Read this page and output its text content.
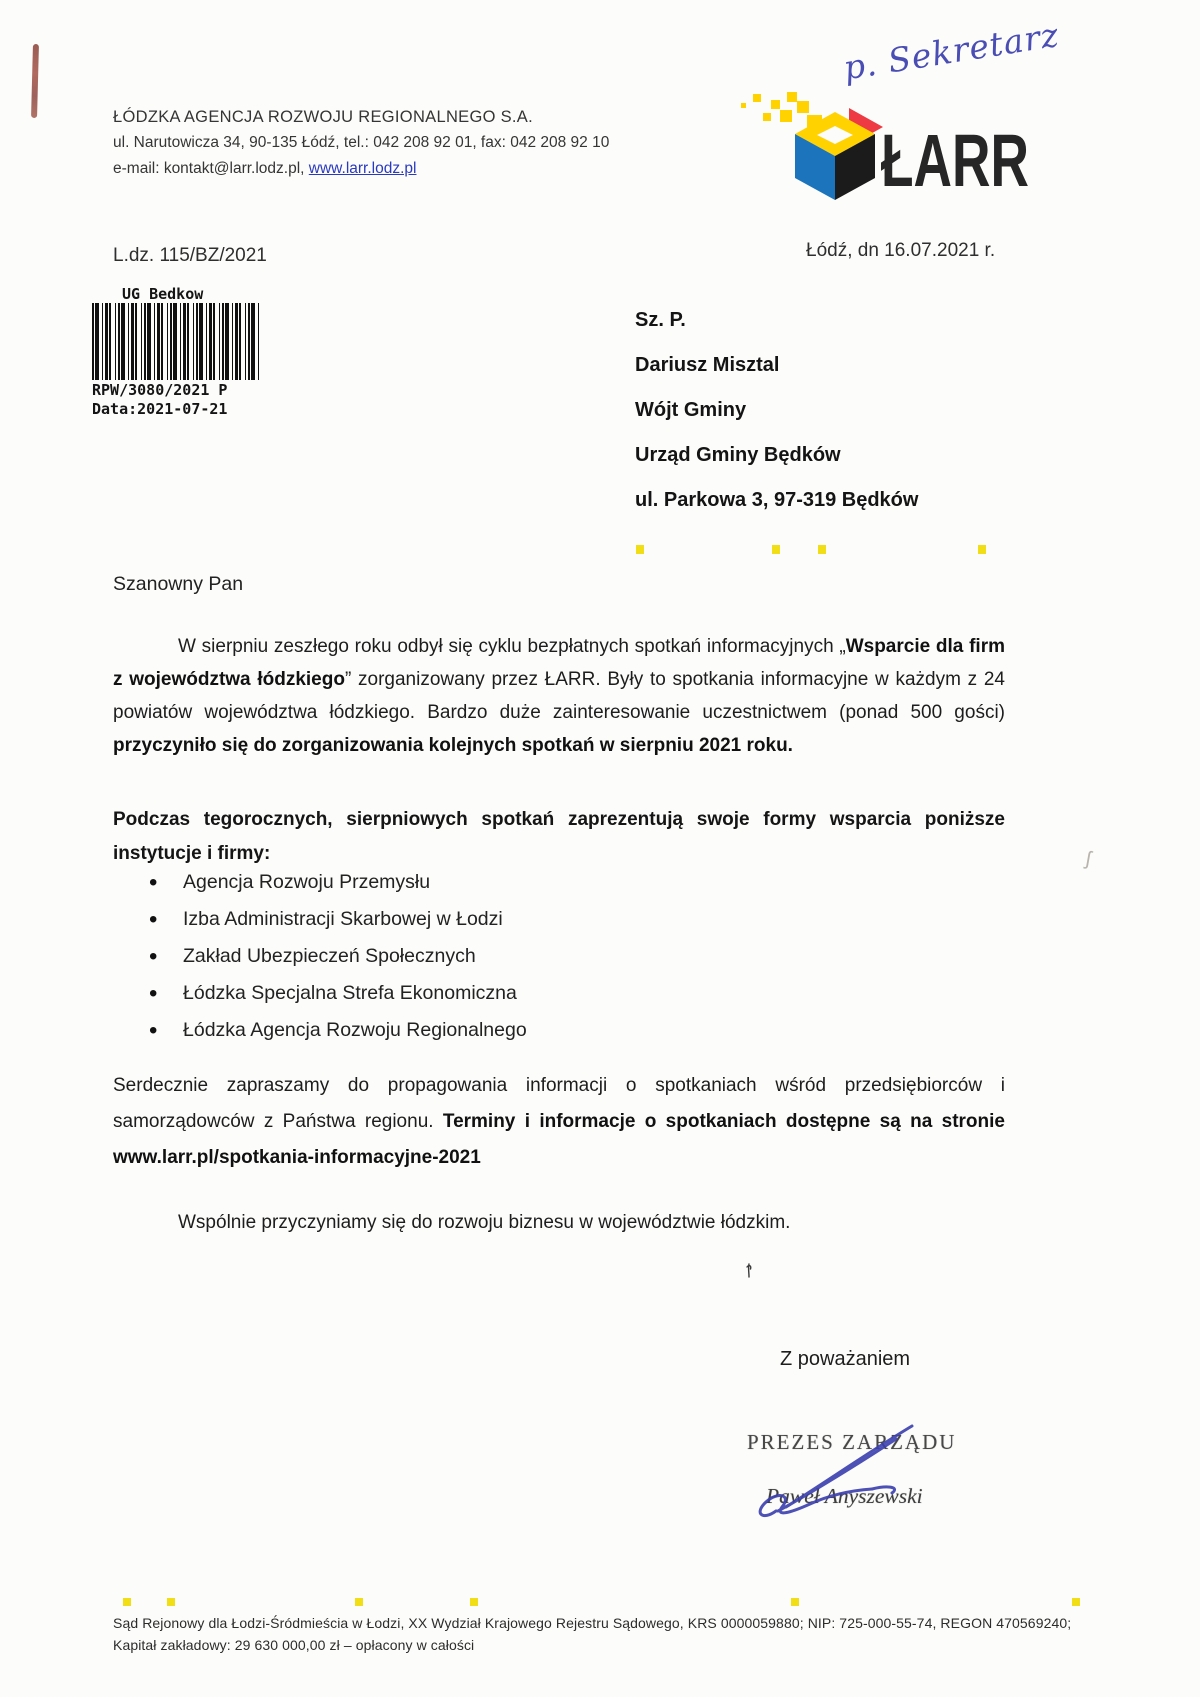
p. Sekretarz
ŁÓDZKA AGENCJA ROZWOJU REGIONALNEGO S.A.
ul. Narutowicza 34, 90-135 Łódź, tel.: 042 208 92 01, fax: 042 208 92 10
e-mail: kontakt@larr.lodz.pl, www.larr.lodz.pl	ŁARR
L.dz. 115/BZ/2021	Łódź, dn 16.07.2021 r.
UG Bedkow
RPW/3080/2021 P
Data:2021-07-21
Sz. P.
Dariusz Misztal
Wójt Gminy
Urząd Gminy Będków
ul. Parkowa 3, 97-319 Będków
Szanowny Pan
W sierpniu zeszłego roku odbył się cyklu bezpłatnych spotkań informacyjnych „Wsparcie dla firm z województwa łódzkiego” zorganizowany przez ŁARR. Były to spotkania informacyjne w każdym z 24 powiatów województwa łódzkiego. Bardzo duże zainteresowanie uczestnictwem (ponad 500 gości) przyczyniło się do zorganizowania kolejnych spotkań w sierpniu 2021 roku.
Podczas tegorocznych, sierpniowych spotkań zaprezentują swoje formy wsparcia poniższe instytucje i firmy:
• Agencja Rozwoju Przemysłu
• Izba Administracji Skarbowej w Łodzi
• Zakład Ubezpieczeń Społecznych
• Łódzka Specjalna Strefa Ekonomiczna
• Łódzka Agencja Rozwoju Regionalnego
Serdecznie zapraszamy do propagowania informacji o spotkaniach wśród przedsiębiorców i samorządowców z Państwa regionu. Terminy i informacje o spotkaniach dostępne są na stronie www.larr.pl/spotkania-informacyjne-2021
Wspólnie przyczyniamy się do rozwoju biznesu w województwie łódzkim.
ʃ
Z poważaniem
PREZES ZARZĄDU
Paweł Anyszewski
Sąd Rejonowy dla Łodzi-Śródmieścia w Łodzi, XX Wydział Krajowego Rejestru Sądowego, KRS 0000059880; NIP: 725-000-55-74, REGON 470569240;
Kapitał zakładowy: 29 630 000,00 zł – opłacony w całości
